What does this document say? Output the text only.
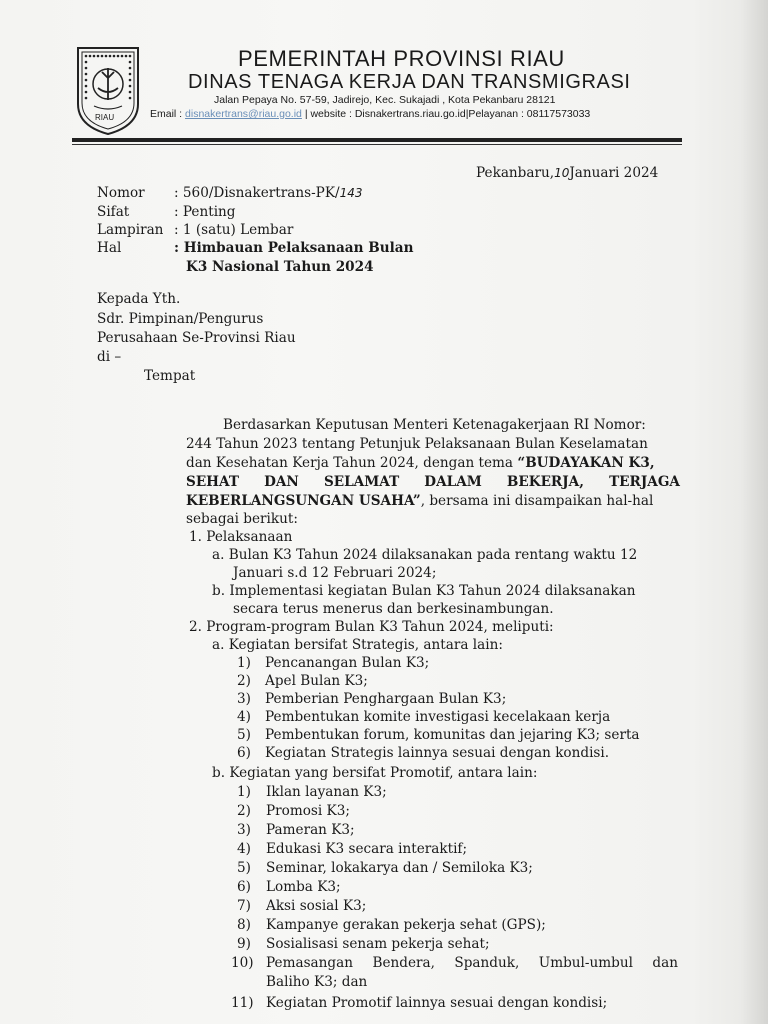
RIAU
PEMERINTAH PROVINSI RIAU
DINAS TENAGA KERJA DAN TRANSMIGRASI
Jalan Pepaya No. 57-59, Jadirejo, Kec. Sukajadi , Kota Pekanbaru 28121
Email : disnakertrans@riau.go.id | website : Disnakertrans.riau.go.id|Pelayanan : 08117573033
Pekanbaru,10Januari 2024
Nomor : 560/Disnakertrans-PK/143
Sifat	: Penting
Lampiran : 1 (satu) Lembar
Hal	: Himbauan Pelaksanaan Bulan
K3 Nasional Tahun 2024
Kepada Yth.
Sdr. Pimpinan/Pengurus
Perusahaan Se-Provinsi Riau
di –
Tempat
Berdasarkan Keputusan Menteri Ketenagakerjaan RI Nomor:
244 Tahun 2023 tentang Petunjuk Pelaksanaan Bulan Keselamatan
dan Kesehatan Kerja Tahun 2024, dengan tema “BUDAYAKAN K3,
SEHAT DAN SELAMAT DALAM BEKERJA, TERJAGA
KEBERLANGSUNGAN USAHA”, bersama ini disampaikan hal-hal
sebagai berikut:
1. Pelaksanaan
a. Bulan K3 Tahun 2024 dilaksanakan pada rentang waktu 12
Januari s.d 12 Februari 2024;
b. Implementasi kegiatan Bulan K3 Tahun 2024 dilaksanakan
secara terus menerus dan berkesinambungan.
2. Program-program Bulan K3 Tahun 2024, meliputi:
a. Kegiatan bersifat Strategis, antara lain:
1) Pencanangan Bulan K3;
2) Apel Bulan K3;
3) Pemberian Penghargaan Bulan K3;
4) Pembentukan komite investigasi kecelakaan kerja
5) Pembentukan forum, komunitas dan jejaring K3; serta
6) Kegiatan Strategis lainnya sesuai dengan kondisi.
b. Kegiatan yang bersifat Promotif, antara lain:
1) Iklan layanan K3;
2) Promosi K3;
3) Pameran K3;
4) Edukasi K3 secara interaktif;
5) Seminar, lokakarya dan / Semiloka K3;
6) Lomba K3;
7) Aksi sosial K3;
8) Kampanye gerakan pekerja sehat (GPS);
9) Sosialisasi senam pekerja sehat;
10) Pemasangan Bendera, Spanduk, Umbul-umbul dan
Baliho K3; dan
11) Kegiatan Promotif lainnya sesuai dengan kondisi;
